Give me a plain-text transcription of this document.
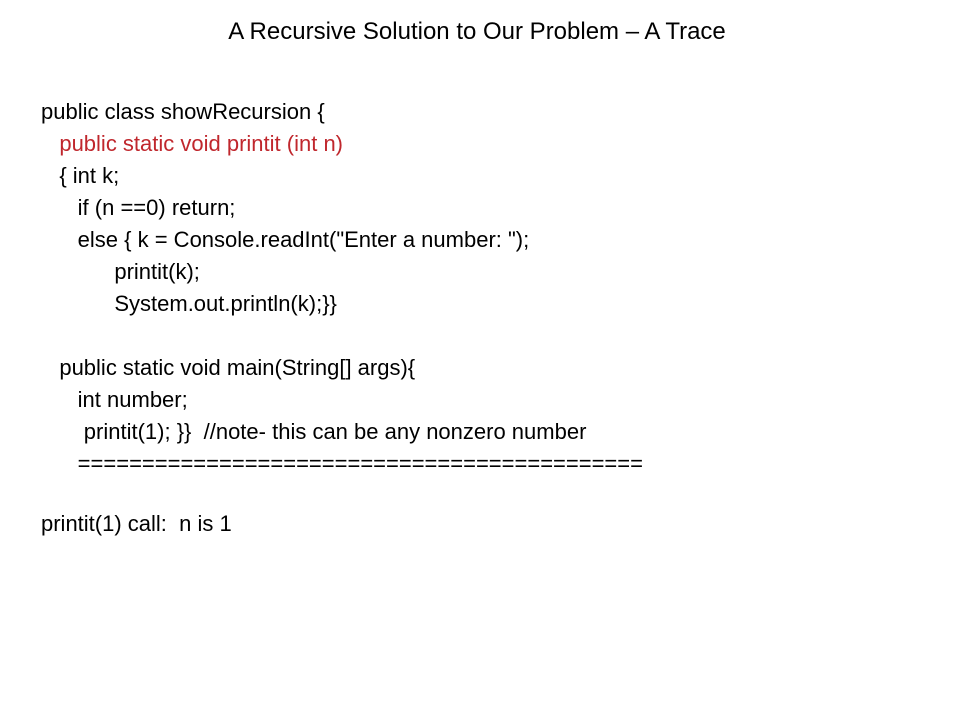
A Recursive Solution to Our Problem – A Trace
public class showRecursion {
public static void printit (int n)
{ int k;
if (n ==0) return;
else { k = Console.readInt("Enter a number: ");
printit(k);
System.out.println(k);}}
public static void main(String[] args){
int number;
printit(1); }}  //note- this can be any nonzero number
============================================
printit(1) call:  n is 1
